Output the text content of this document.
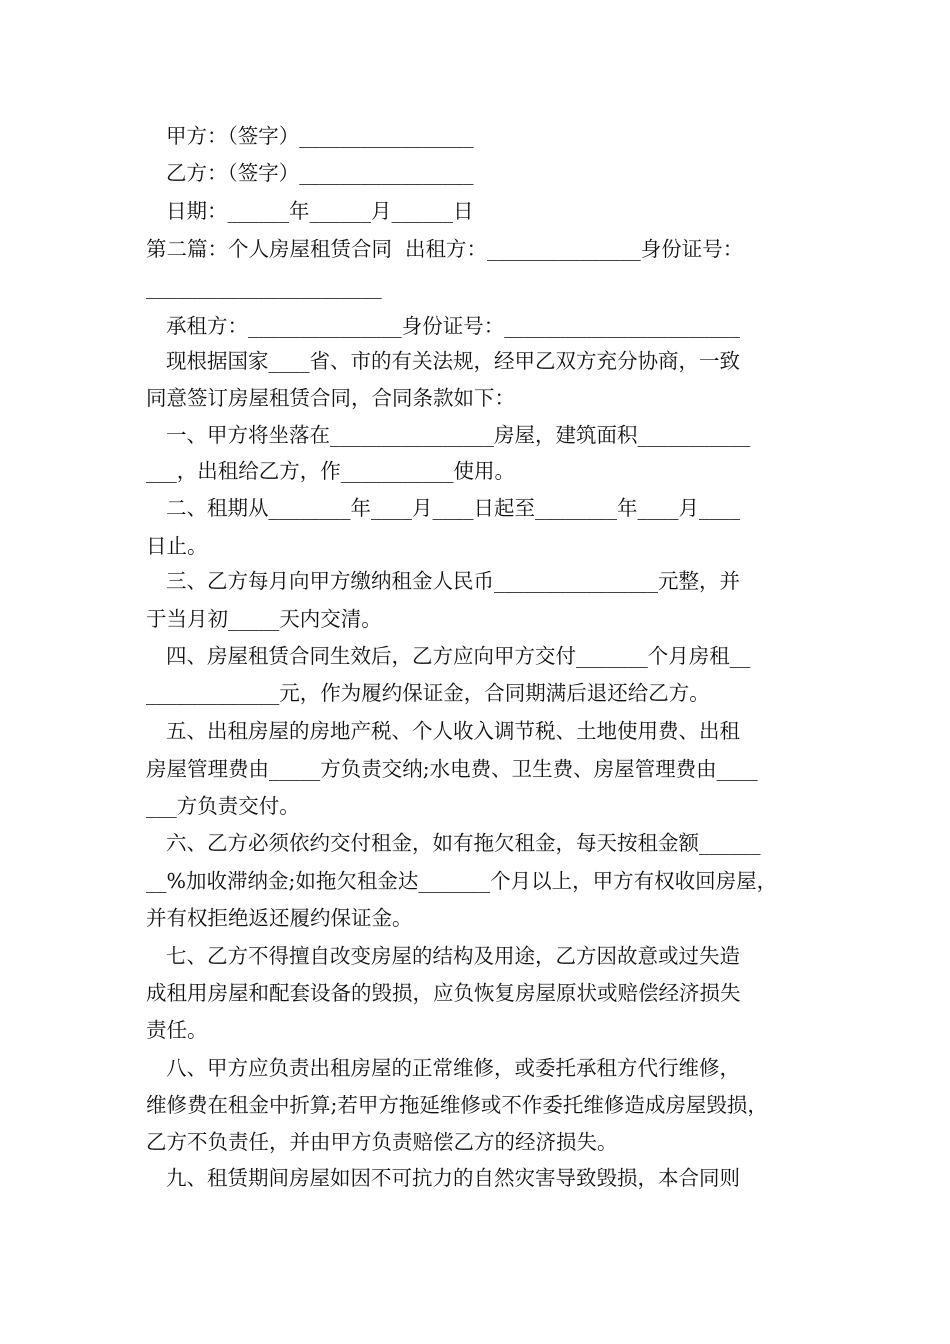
甲方：（签字）_________________
乙方：（签字）_________________
日期：______年______月______日
第二篇：个人房屋租赁合同  出租方：_______________身份证号：
_______________________
承租方：_______________身份证号：_______________________
现根据国家____省、市的有关法规，经甲乙双方充分协商，一致
同意签订房屋租赁合同，合同条款如下：
一、甲方将坐落在________________房屋，建筑面积___________
___，出租给乙方，作___________使用。
二、租期从________年____月____日起至________年____月____
日止。
三、乙方每月向甲方缴纳租金人民币________________元整，并
于当月初_____天内交清。
四、房屋租赁合同生效后，乙方应向甲方交付_______个月房租__
_____________元，作为履约保证金，合同期满后退还给乙方。
五、出租房屋的房地产税、个人收入调节税、土地使用费、出租
房屋管理费由_____方负责交纳;水电费、卫生费、房屋管理费由____
___方负责交付。
六、乙方必须依约交付租金，如有拖欠租金，每天按租金额______
__%加收滞纳金;如拖欠租金达_______个月以上，甲方有权收回房屋，
并有权拒绝返还履约保证金。
七、乙方不得擅自改变房屋的结构及用途，乙方因故意或过失造
成租用房屋和配套设备的毁损，应负恢复房屋原状或赔偿经济损失
责任。
八、甲方应负责出租房屋的正常维修，或委托承租方代行维修，
维修费在租金中折算;若甲方拖延维修或不作委托维修造成房屋毁损，
乙方不负责任，并由甲方负责赔偿乙方的经济损失。
九、租赁期间房屋如因不可抗力的自然灾害导致毁损，本合同则
